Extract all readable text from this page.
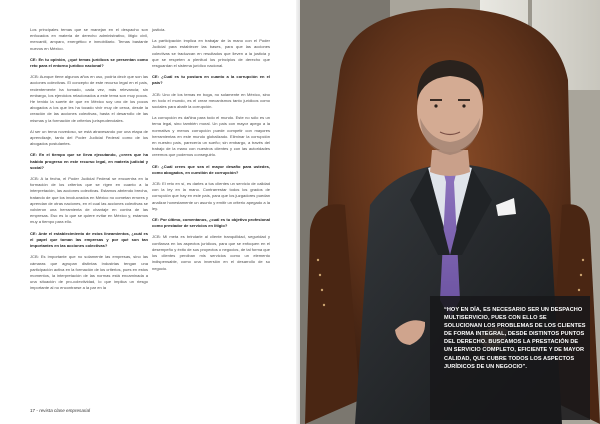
Los principales temas que se manejan en el despacho son enfocados en materia de derecho administrativo, litigio civil, mercantil, amparo, energético e inmobiliario. Temas bastante nuevos en México.

CE: En tu opinión, ¿qué temas jurídicos se presentan como reto para el entorno jurídico nacional?

JCB: Aunque tiene algunos años en uso, podría decir que son las acciones colectivas. El concepto de este recurso legal en el país, recientemente ha tomado, cada vez, más relevancia; sin embargo, los ejercicios relacionados a este tema son muy pocos. He tenido la suerte de que en México soy uno de los pocos abogados a los que les ha tocado vivir muy de cerca, desde la creación de las acciones colectivas, hasta el desarrollo de las mismas y la formación de criterios jurisprudenciales.

Al ser un tema novedoso, se está atravesando por una etapa de aprendizaje, tanto del Poder Judicial Federal como de los abogados postulantes.

CE: En el tiempo que se lleva ejecutando, ¿crees que ha habido progreso en este recurso legal, en materia judicial y social?

JCB: A la fecha, el Poder Judicial Federal se encuentra en la formación de los criterios que se rigen en cuanto a la interpretación, las acciones colectivas. Estamos abriendo brecha, tratando de que los involucrados en México no cometan errores y aprendan de otras naciones, en el cual las acciones colectivas se volvieron una herramienta de chantaje en contra de las empresas. Eso es lo que se quiere evitar en México y, estamos muy a tiempo para ello.

CE: Ante el establecimiento de estos lineamientos, ¿cuál es el papel que toman las empresas y por qué son tan importantes en las acciones colectivas?

JCB: Es importante que no solamente las empresas, sino las cámaras que agrupan distintas industrias tengan una participación activa en la formación de los criterios, pues en estos momentos, la interpretación de las normas está encaminada a una situación de pro-colectividad, lo que implica un riesgo importante al no encontrarse a la par en la

justicia.

La participación implica en trabajar de la mano con el Poder Judicial para establecer las bases, para que las acciones colectivas se traduzcan en resultados que lleven a la justicia y que se respeten a plenitud los principios de derecho que resguardan el sistema jurídico nacional.

CE: ¿Cuál es tu postura en cuanto a la corrupción en el país?

JCB: Uno de los temas en boga, no solamente en México, sino en todo el mundo, es el crear mecanismos tanto jurídicos como sociales para abatir la corrupción.

La corrupción es dañina para todo el mundo. Este no sólo es un tema legal, sino también moral. Un país con mayor apego a la normativa y menos corrupción puede competir con mayores herramientas en este mundo globalizado. Eliminar la corrupción en nuestro país, parecería un sueño; sin embargo, a través del trabajo de la mano con nuestros clientes y con las autoridades creemos que podemos conseguirlo.

CE: ¿Cuál crees que sea el mayor desafío para ustedes, como abogados, en cuestión de corrupción?

JCB: El reto en sí, es darles a tus clientes un servicio de calidad con la ley en la mano. Contrarrestar todos los grados de corrupción que hay en este país, para que los juzgadores puedan analizar honestamente un asunto y emitir un criterio apegado a la ley.

CE: Por último, comentanos, ¿cuál es tu objetivo profesional como prestador de servicios en litigio?

JCB: Mi meta es brindarle al cliente tranquilidad, seguridad y confianza en los aspectos jurídicos, para que se enfoquen en el desempeño y éxito de sus proyectos o negocios, de tal forma que los clientes perciban mis servicios como un elemento indispensable, como una inversión en el desarrollo de su negocio.

17 - revista clase empresarial
“HOY EN DÍA, ES NECESARIO SER UN DESPACHO MULTISERVICIO, PUES CON ELLO SE SOLUCIONAN LOS PROBLEMAS DE LOS CLIENTES DE FORMA INTEGRAL, DESDE DISTINTOS PUNTOS DEL DERECHO. BUSCAMOS LA PRESTACIÓN DE UN SERVICIO COMPLETO, EFICIENTE Y DE MAYOR CALIDAD, QUE CUBRE TODOS LOS ASPECTOS JURÍDICOS DE UN NEGOCIO”.
